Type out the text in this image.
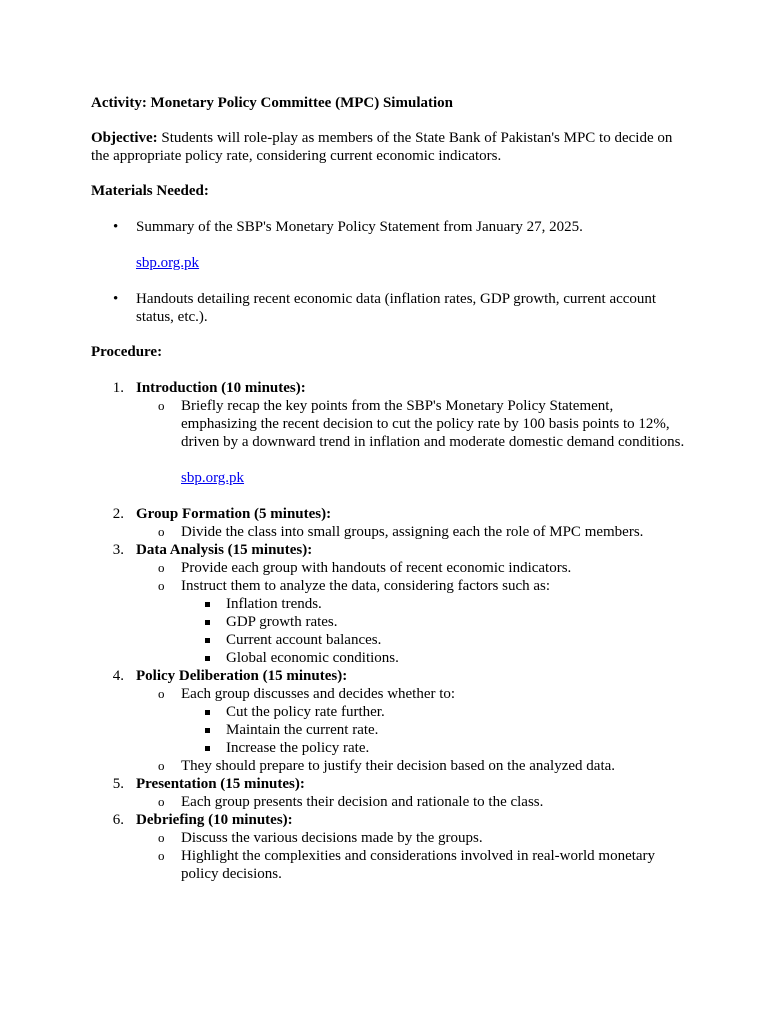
Activity: Monetary Policy Committee (MPC) Simulation
Objective: Students will role-play as members of the State Bank of Pakistan's MPC to decide on the appropriate policy rate, considering current economic indicators.
Materials Needed:
• Summary of the SBP's Monetary Policy Statement from January 27, 2025.
sbp.org.pk
• Handouts detailing recent economic data (inflation rates, GDP growth, current account status, etc.).
Procedure:
1. Introduction (10 minutes):
o Briefly recap the key points from the SBP's Monetary Policy Statement, emphasizing the recent decision to cut the policy rate by 100 basis points to 12%, driven by a downward trend in inflation and moderate domestic demand conditions.
sbp.org.pk
2. Group Formation (5 minutes):
o Divide the class into small groups, assigning each the role of MPC members.
3. Data Analysis (15 minutes):
o Provide each group with handouts of recent economic indicators.
o Instruct them to analyze the data, considering factors such as:
Inflation trends.
GDP growth rates.
Current account balances.
Global economic conditions.
4. Policy Deliberation (15 minutes):
o Each group discusses and decides whether to:
Cut the policy rate further.
Maintain the current rate.
Increase the policy rate.
o They should prepare to justify their decision based on the analyzed data.
5. Presentation (15 minutes):
o Each group presents their decision and rationale to the class.
6. Debriefing (10 minutes):
o Discuss the various decisions made by the groups.
o Highlight the complexities and considerations involved in real-world monetary policy decisions.
